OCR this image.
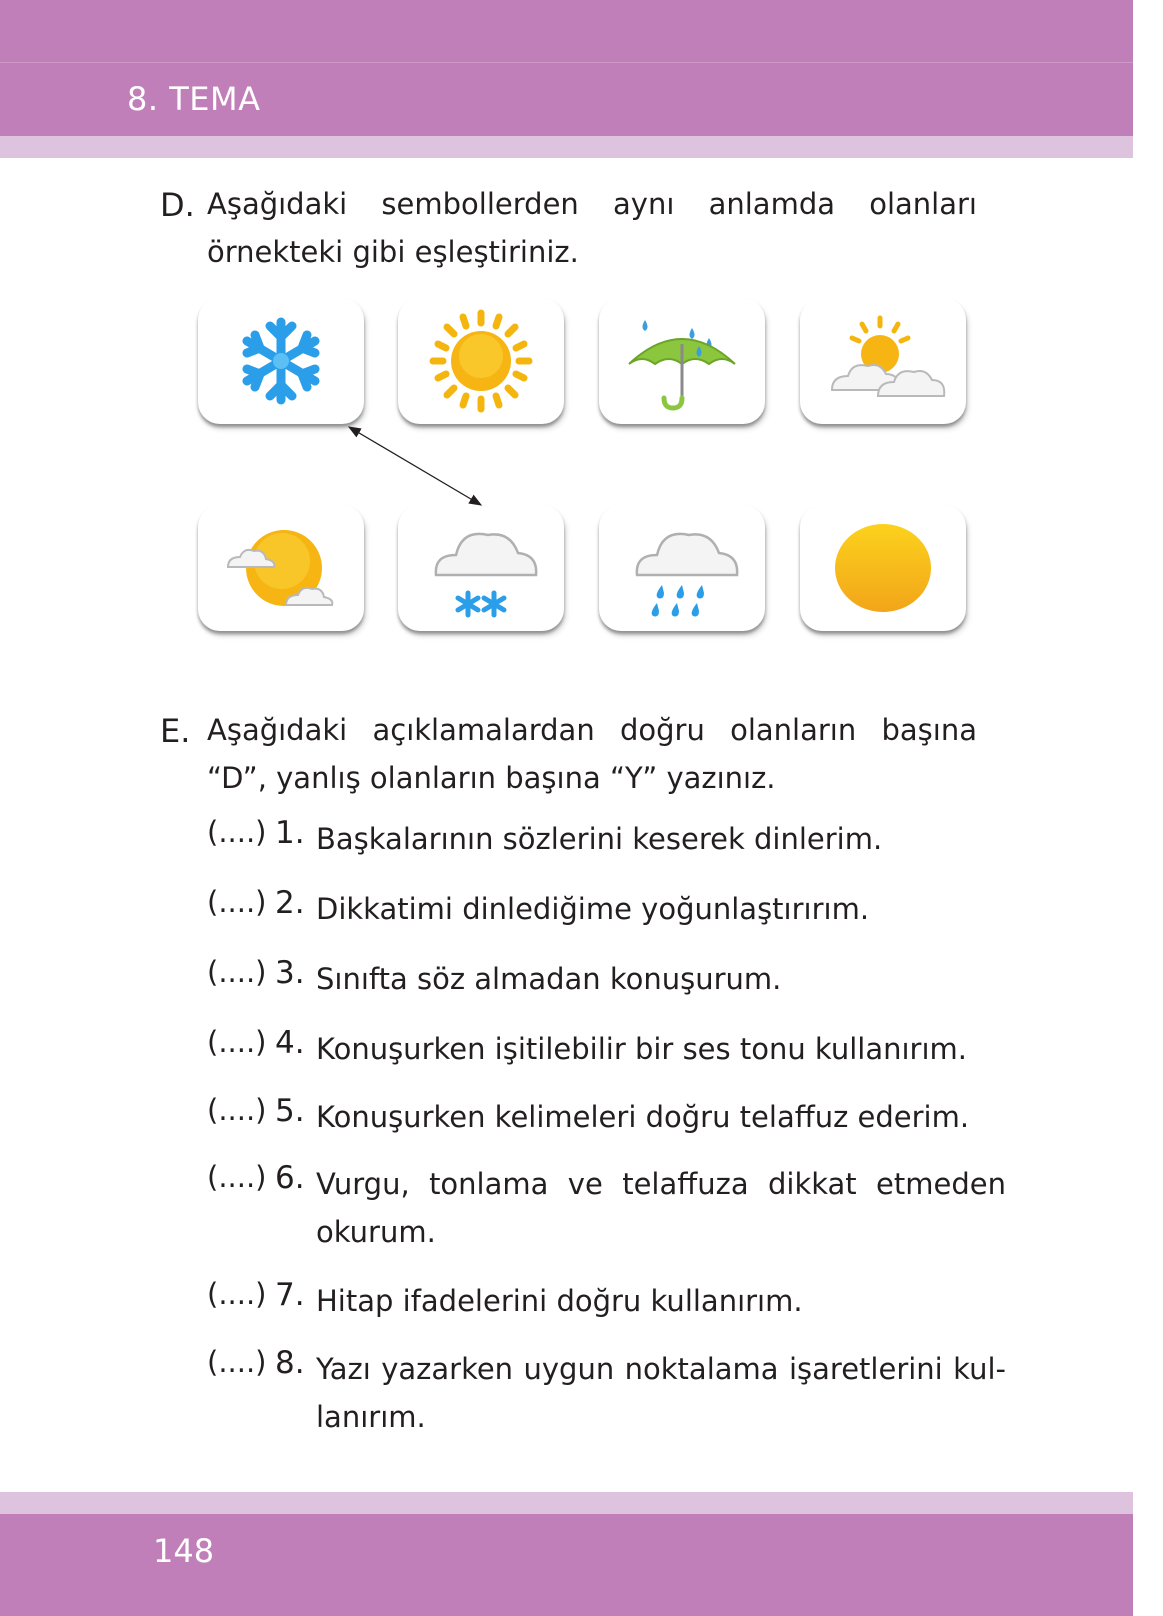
8. TEMA
D. Aşağıdaki sembollerden aynı anlamda olanları örnekteki gibi eşleştiriniz.
E. Aşağıdaki açıklamalardan doğru olanların başına “D”, yanlış olanların başına “Y” yazınız.
(....) 1. Başkalarının sözlerini keserek dinlerim.
(....) 2. Dikkatimi dinlediğime yoğunlaştırırım.
(....) 3. Sınıfta söz almadan konuşurum.
(....) 4. Konuşurken işitilebilir bir ses tonu kullanırım.
(....) 5. Konuşurken kelimeleri doğru telaffuz ederim.
(....) 6. Vurgu, tonlama ve telaffuza dikkat etmeden okurum.
(....) 7. Hitap ifadelerini doğru kullanırım.
(....) 8. Yazı yazarken uygun noktalama işaretlerini kul-lanırım.
148
